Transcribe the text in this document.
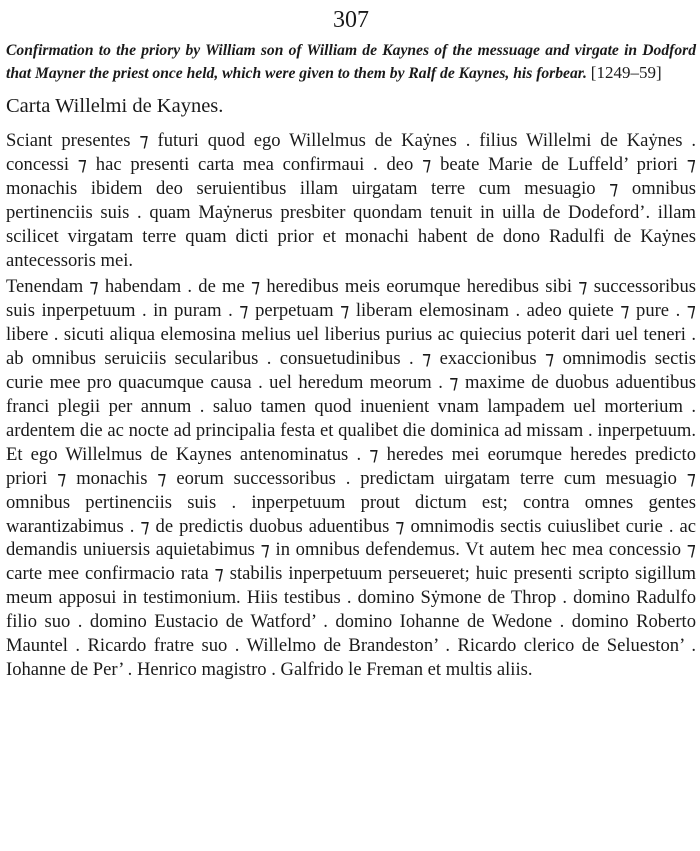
307

Confirmation to the priory by William son of William de Kaynes of the messuage and virgate in Dodford that Mayner the priest once held, which were given to them by Ralf de Kaynes, his forbear. [1249–59]

Carta Willelmi de Kaynes.

Sciant presentes ⁊ futuri quod ego Willelmus de Kaẏnes . filius Willelmi de Kaẏnes . concessi ⁊ hac presenti carta mea confirmaui . deo ⁊ beate Marie de Luffeld’ priori ⁊ monachis ibidem deo seruientibus illam uirgatam terre cum mesuagio ⁊ omnibus pertinenciis suis . quam Maẏnerus presbiter quondam tenuit in uilla de Dodeford’. illam scilicet virgatam terre quam dicti prior et monachi habent de dono Radulfi de Kaẏnes antecessoris mei.

Tenendam ⁊ habendam . de me ⁊ heredibus meis eorumque heredibus sibi ⁊ successoribus suis inperpetuum . in puram . ⁊ perpetuam ⁊ liberam elemosinam . adeo quiete ⁊ pure . ⁊ libere . sicuti aliqua elemosina melius uel liberius purius ac quiecius poterit dari uel teneri . ab omnibus seruiciis secularibus . consuetudinibus . ⁊ exaccionibus ⁊ omnimodis sectis curie mee pro quacumque causa . uel heredum meorum . ⁊ maxime de duobus aduentibus franci plegii per annum . saluo tamen quod inuenient vnam lampadem uel morterium . ardentem die ac nocte ad principalia festa et qualibet die dominica ad missam . inperpetuum. Et ego Willelmus de Kaynes antenominatus . ⁊ heredes mei eorumque heredes predicto priori ⁊ monachis ⁊ eorum successoribus . predictam uirgatam terre cum mesuagio ⁊ omnibus pertinenciis suis . inperpetuum prout dictum est; contra omnes gentes warantizabimus . ⁊ de predictis duobus aduentibus ⁊ omnimodis sectis cuiuslibet curie . ac demandis uniuersis aquietabimus ⁊ in omnibus defendemus. Vt autem hec mea concessio ⁊ carte mee confirmacio rata ⁊ stabilis inperpetuum perseueret; huic presenti scripto sigillum meum apposui in testimonium. Hiis testibus . domino Sẏmone de Throp . domino Radulfo filio suo . domino Eustacio de Watford’ . domino Iohanne de Wedone . domino Roberto Mauntel . Ricardo fratre suo . Willelmo de Brandeston’ . Ricardo clerico de Selueston’ . Iohanne de Per’ . Henrico magistro . Galfrido le Freman et multis aliis.
